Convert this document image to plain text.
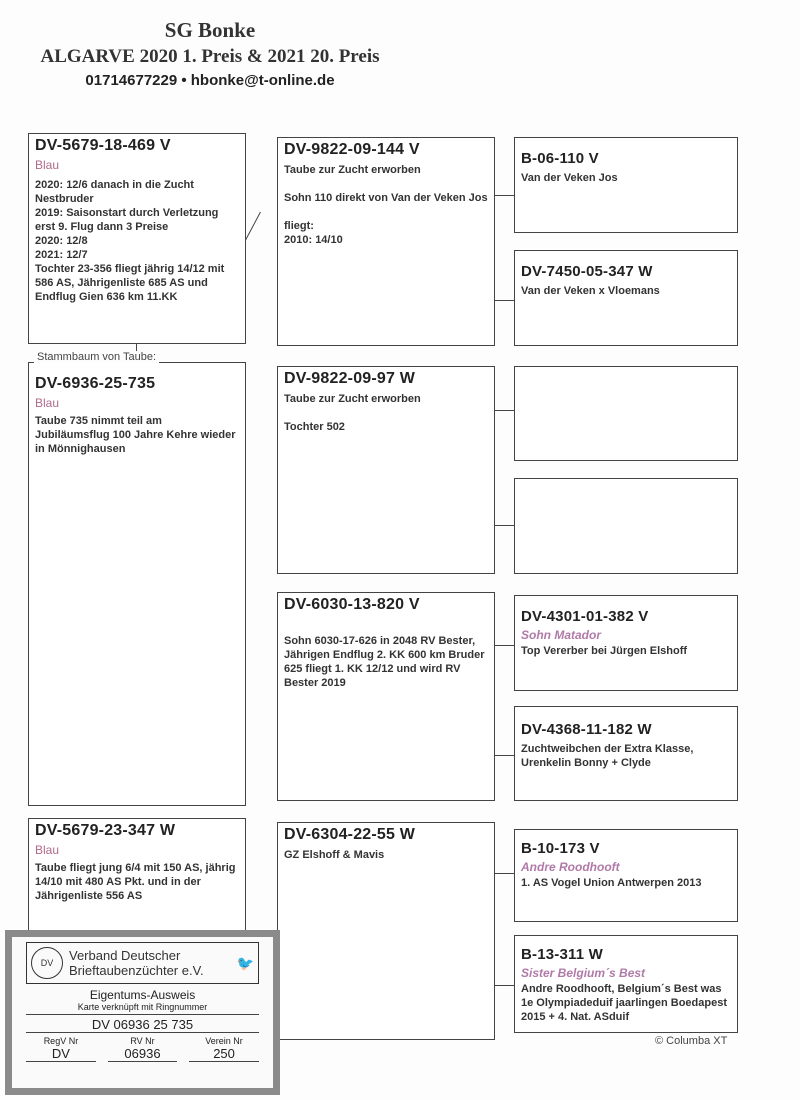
SG Bonke
ALGARVE 2020 1. Preis & 2021 20. Preis
01714677229 • hbonke@t-online.de
DV-5679-18-469 V
Blau
2020: 12/6 danach in die Zucht
Nestbruder
2019: Saisonstart durch Verletzung erst 9. Flug dann 3 Preise
2020: 12/8
2021: 12/7
Tochter 23-356 fliegt jährig 14/12 mit 586 AS, Jährigenliste 685 AS und Endflug Gien 636 km 11.KK
DV-6936-25-735
Blau
Taube 735 nimmt teil am Jubiläumsflug 100 Jahre Kehre wieder in Mönnighausen
Stammbaum von Taube:
DV-5679-23-347 W
Blau
Taube fliegt jung 6/4 mit 150 AS, jährig 14/10 mit 480 AS Pkt. und in der Jährigenliste 556 AS
DV-9822-09-144 V
Taube zur Zucht erworben

Sohn 110 direkt von Van der Veken Jos

fliegt:
2010: 14/10
DV-9822-09-97 W
Taube zur Zucht erworben

Tochter 502
DV-6030-13-820 V
Sohn 6030-17-626 in 2048 RV Bester, Jährigen Endflug 2. KK 600 km Bruder 625 fliegt 1. KK 12/12 und wird RV Bester 2019
DV-6304-22-55 W
GZ Elshoff & Mavis
B-06-110 V
Van der Veken Jos
DV-7450-05-347 W
Van der Veken x Vloemans
DV-4301-01-382 V
Sohn Matador
Top Vererber bei Jürgen Elshoff
DV-4368-11-182 W
Zuchtweibchen der Extra Klasse, Urenkelin Bonny + Clyde
B-10-173 V
Andre Roodhooft
1. AS Vogel Union Antwerpen 2013
B-13-311 W
Sister Belgium´s Best
Andre Roodhooft, Belgium´s Best was 1e Olympiadeduif jaarlingen Boedapest 2015 + 4. Nat. ASduif
© Columba XT
DV	Verband Deutscher
Brieftaubenzüchter e.V.	🐦
Eigentums-Ausweis
Karte verknüpft mit Ringnummer
DV 06936 25 735
RegV Nr
DV
RV Nr
06936
Verein Nr
250
